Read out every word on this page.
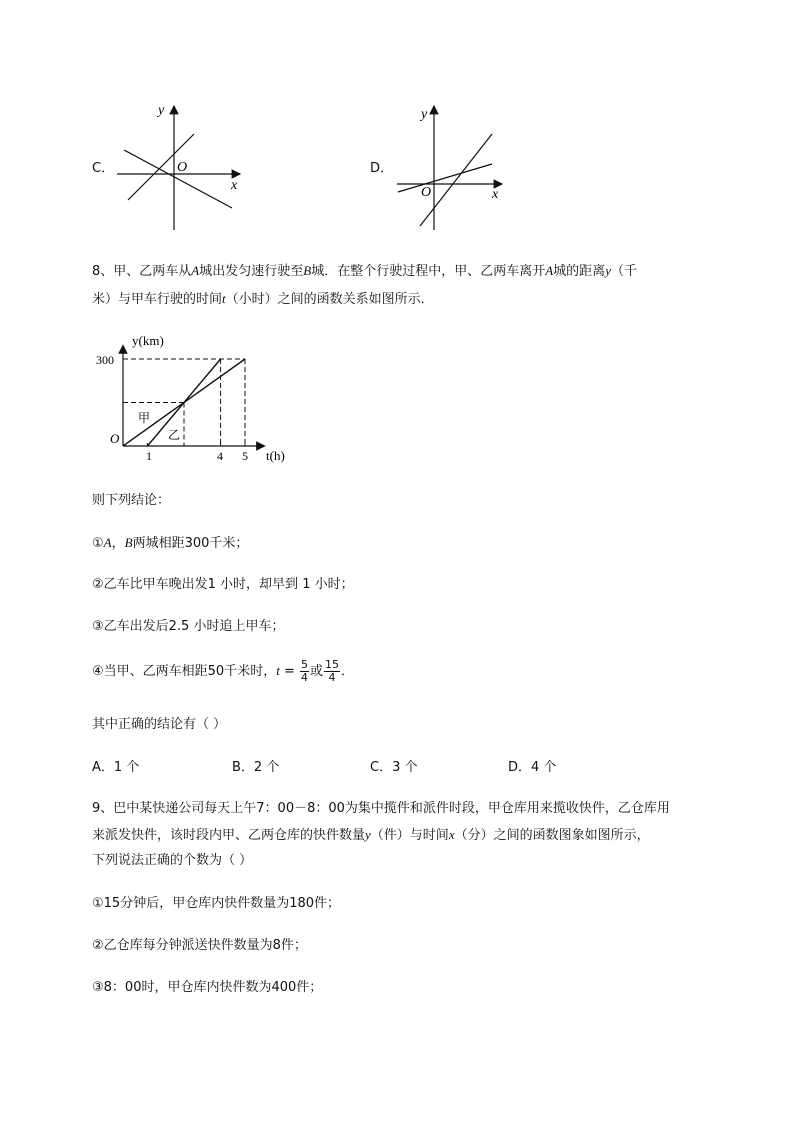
C．
y
x
O	D．
y
x
O
8、甲、乙两车从A城出发匀速行驶至B城．在整个行驶过程中，甲、乙两车离开A城的距离y（千
米）与甲车行驶的时间t（小时）之间的函数关系如图所示．
y(km)
t(h)
O
300
1	4 5
甲
乙
则下列结论：
①A，B两城相距300千米；
②乙车比甲车晚出发1 小时，却早到 1 小时；
③乙车出发后2.5 小时追上甲车；
④当甲、乙两车相距50千米时，$t = \frac{5}{4}$ 或 $\frac{15}{4}$ ．
其中正确的结论有（ ）
A．1 个	B．2 个	C．3 个	D．4 个
9、巴中某快递公司每天上午7：00－8：00为集中揽件和派件时段，甲仓库用来揽收快件，乙仓库用
来派发快件，该时段内甲、乙两仓库的快件数量y（件）与时间x（分）之间的函数图象如图所示，
下列说法正确的个数为（ ）
①15分钟后，甲仓库内快件数量为180件；
②乙仓库每分钟派送快件数量为8件；
③8：00时，甲仓库内快件数为400件；
